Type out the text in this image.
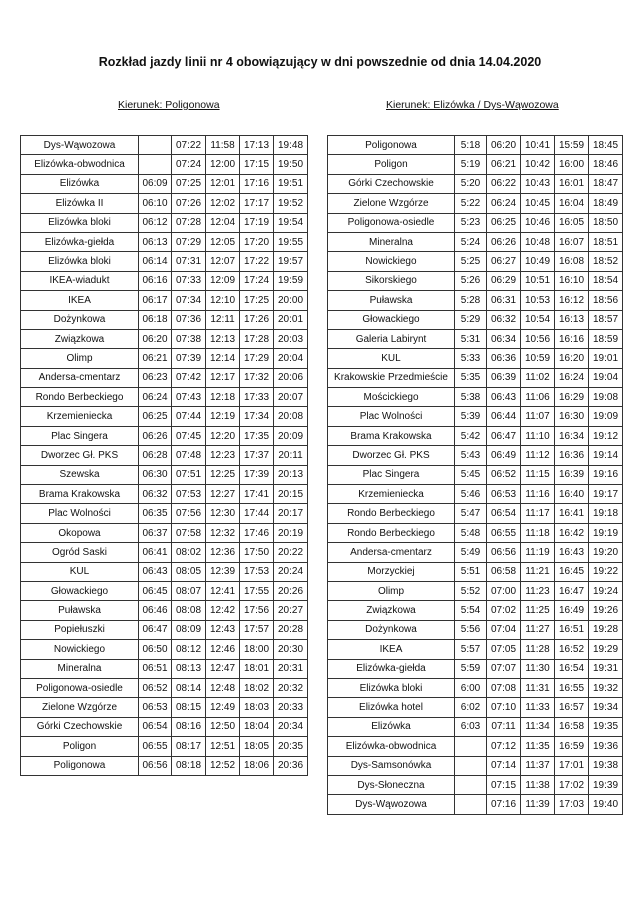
Rozkład jazdy linii nr 4 obowiązujący w dni powszednie od dnia 14.04.2020
Kierunek: Poligonowa	Kierunek: Elizówka / Dys-Wąwozowa
Dys-Wąwozowa		07:22	11:58	17:13	19:48
Elizówka-obwodnica		07:24	12:00	17:15	19:50
Elizówka	06:09	07:25	12:01	17:16	19:51
Elizówka II	06:10	07:26	12:02	17:17	19:52
Elizówka bloki	06:12	07:28	12:04	17:19	19:54
Elizówka-giełda	06:13	07:29	12:05	17:20	19:55
Elizówka bloki	06:14	07:31	12:07	17:22	19:57
IKEA-wiadukt	06:16	07:33	12:09	17:24	19:59
IKEA	06:17	07:34	12:10	17:25	20:00
Dożynkowa	06:18	07:36	12:11	17:26	20:01
Związkowa	06:20	07:38	12:13	17:28	20:03
Olimp	06:21	07:39	12:14	17:29	20:04
Andersa-cmentarz	06:23	07:42	12:17	17:32	20:06
Rondo Berbeckiego	06:24	07:43	12:18	17:33	20:07
Krzemieniecka	06:25	07:44	12:19	17:34	20:08
Plac Singera	06:26	07:45	12:20	17:35	20:09
Dworzec Gł. PKS	06:28	07:48	12:23	17:37	20:11
Szewska	06:30	07:51	12:25	17:39	20:13
Brama Krakowska	06:32	07:53	12:27	17:41	20:15
Plac Wolności	06:35	07:56	12:30	17:44	20:17
Okopowa	06:37	07:58	12:32	17:46	20:19
Ogród Saski	06:41	08:02	12:36	17:50	20:22
KUL	06:43	08:05	12:39	17:53	20:24
Głowackiego	06:45	08:07	12:41	17:55	20:26
Puławska	06:46	08:08	12:42	17:56	20:27
Popiełuszki	06:47	08:09	12:43	17:57	20:28
Nowickiego	06:50	08:12	12:46	18:00	20:30
Mineralna	06:51	08:13	12:47	18:01	20:31
Poligonowa-osiedle	06:52	08:14	12:48	18:02	20:32
Zielone Wzgórze	06:53	08:15	12:49	18:03	20:33
Górki Czechowskie	06:54	08:16	12:50	18:04	20:34
Poligon	06:55	08:17	12:51	18:05	20:35
Poligonowa	06:56	08:18	12:52	18:06	20:36
Poligonowa	5:18	06:20	10:41	15:59	18:45
Poligon	5:19	06:21	10:42	16:00	18:46
Górki Czechowskie	5:20	06:22	10:43	16:01	18:47
Zielone Wzgórze	5:22	06:24	10:45	16:04	18:49
Poligonowa-osiedle	5:23	06:25	10:46	16:05	18:50
Mineralna	5:24	06:26	10:48	16:07	18:51
Nowickiego	5:25	06:27	10:49	16:08	18:52
Sikorskiego	5:26	06:29	10:51	16:10	18:54
Puławska	5:28	06:31	10:53	16:12	18:56
Głowackiego	5:29	06:32	10:54	16:13	18:57
Galeria Labirynt	5:31	06:34	10:56	16:16	18:59
KUL	5:33	06:36	10:59	16:20	19:01
Krakowskie Przedmieście	5:35	06:39	11:02	16:24	19:04
Mościckiego	5:38	06:43	11:06	16:29	19:08
Plac Wolności	5:39	06:44	11:07	16:30	19:09
Brama Krakowska	5:42	06:47	11:10	16:34	19:12
Dworzec Gł. PKS	5:43	06:49	11:12	16:36	19:14
Plac Singera	5:45	06:52	11:15	16:39	19:16
Krzemieniecka	5:46	06:53	11:16	16:40	19:17
Rondo Berbeckiego	5:47	06:54	11:17	16:41	19:18
Rondo Berbeckiego	5:48	06:55	11:18	16:42	19:19
Andersa-cmentarz	5:49	06:56	11:19	16:43	19:20
Morzyckiej	5:51	06:58	11:21	16:45	19:22
Olimp	5:52	07:00	11:23	16:47	19:24
Związkowa	5:54	07:02	11:25	16:49	19:26
Dożynkowa	5:56	07:04	11:27	16:51	19:28
IKEA	5:57	07:05	11:28	16:52	19:29
Elizówka-giełda	5:59	07:07	11:30	16:54	19:31
Elizówka bloki	6:00	07:08	11:31	16:55	19:32
Elizówka hotel	6:02	07:10	11:33	16:57	19:34
Elizówka	6:03	07:11	11:34	16:58	19:35
Elizówka-obwodnica		07:12	11:35	16:59	19:36
Dys-Samsonówka		07:14	11:37	17:01	19:38
Dys-Słoneczna		07:15	11:38	17:02	19:39
Dys-Wąwozowa		07:16	11:39	17:03	19:40
